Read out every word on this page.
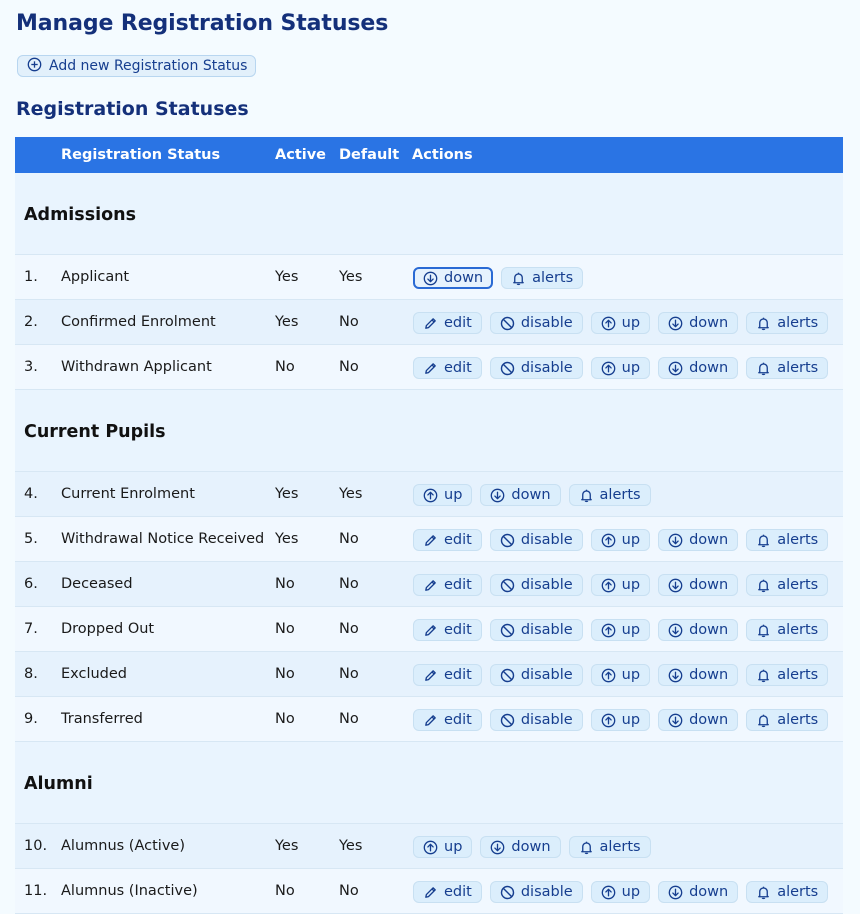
Manage Registration Statuses
Add new Registration Status
Registration Statuses
	Registration Status	Active	Default	Actions
Admissions				
1.	Applicant	Yes	Yes	down alerts

2.	Confirmed Enrolment	Yes	No	edit disable up down alerts

3.	Withdrawn Applicant	No	No	edit disable up down alerts

Current Pupils				
4.	Current Enrolment	Yes	Yes	up down alerts

5.	Withdrawal Notice Received	Yes	No	edit disable up down alerts

6.	Deceased	No	No	edit disable up down alerts

7.	Dropped Out	No	No	edit disable up down alerts

8.	Excluded	No	No	edit disable up down alerts

9.	Transferred	No	No	edit disable up down alerts

Alumni				
10.	Alumnus (Active)	Yes	Yes	up down alerts

11.	Alumnus (Inactive)	No	No	edit disable up down alerts
